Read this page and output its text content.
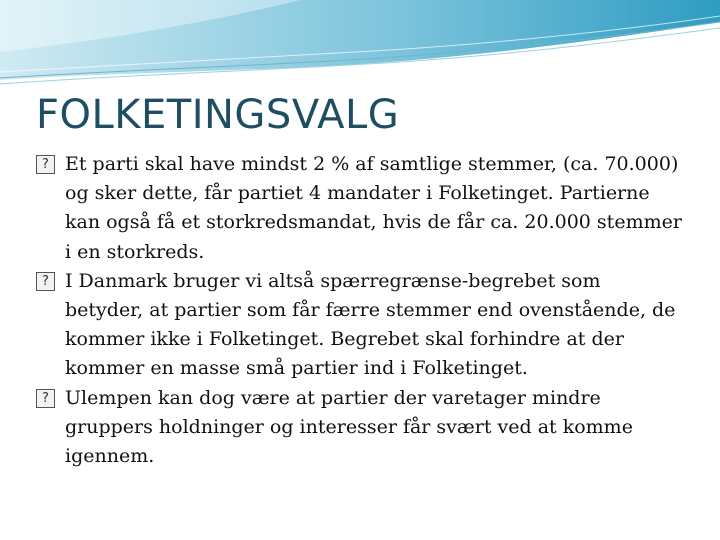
FOLKETINGSVALG
? Et parti skal have mindst 2 % af samtlige stemmer, (ca. 70.000) og sker dette, får partiet 4 mandater i Folketinget. Partierne kan også få et storkredsmandat, hvis de får ca. 20.000 stemmer i en storkreds.
? I Danmark bruger vi altså spærregrænse-begrebet som betyder, at partier som får færre stemmer end ovenstående, de kommer ikke i Folketinget. Begrebet skal forhindre at der kommer en masse små partier ind i Folketinget.
? Ulempen kan dog være at partier der varetager mindre gruppers holdninger og interesser får svært ved at komme igennem.
